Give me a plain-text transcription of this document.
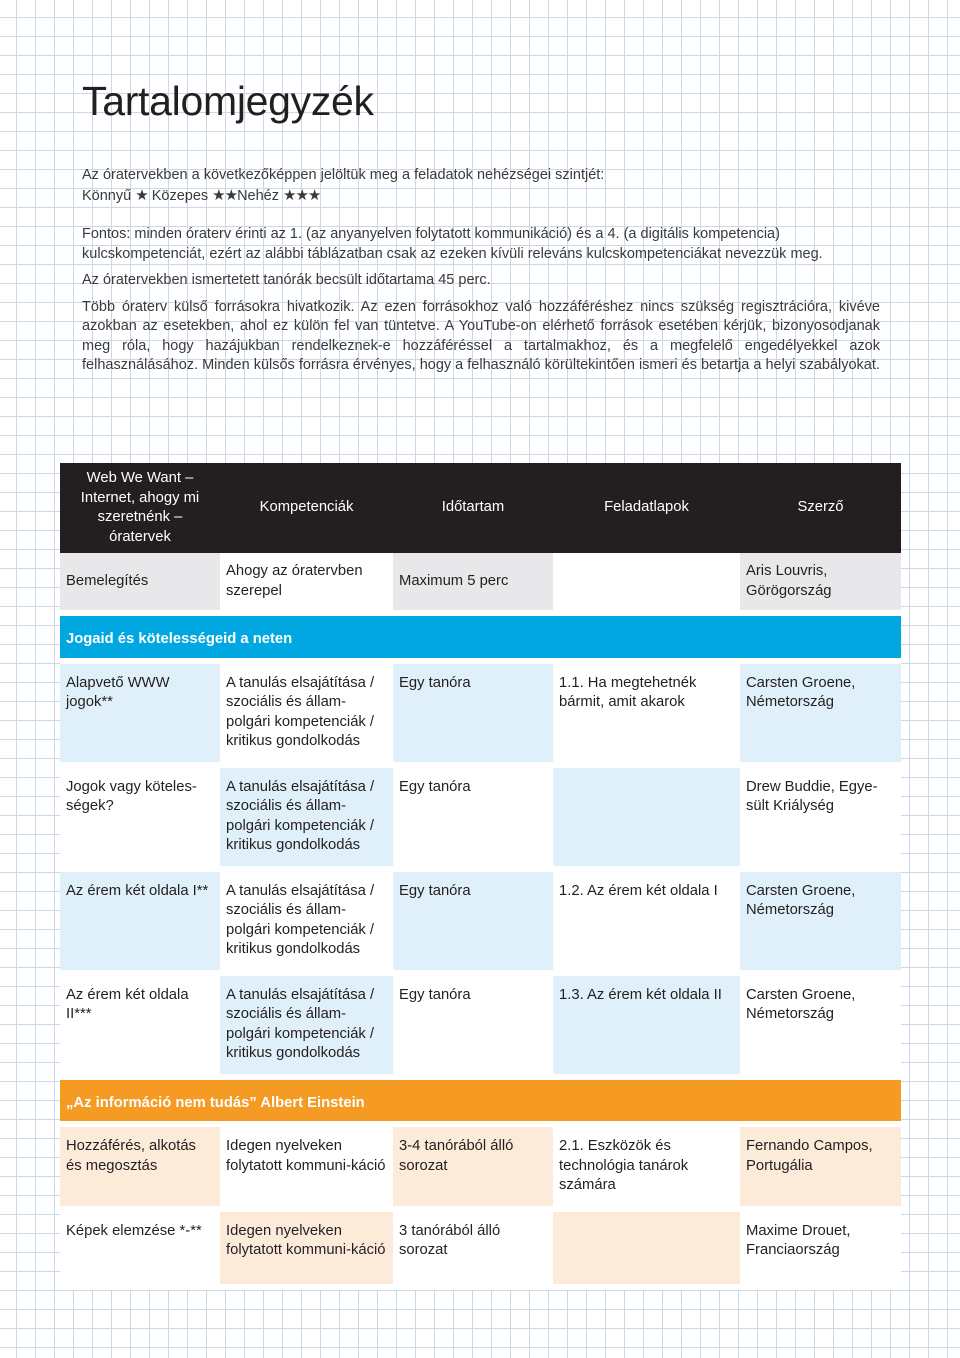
Tartalomjegyzék

Az óratervekben a következőképpen jelöltük meg a feladatok nehézségei szintjét:

Könnyű ★ Közepes ★★Nehéz ★★★

Fontos: minden óraterv érinti az 1. (az anyanyelven folytatott kommunikáció) és a 4. (a digitális kompetencia) kulcskompetenciát, ezért az alábbi táblázatban csak az ezeken kívüli releváns kulcskompetenciákat nevezzük meg.

Az óratervekben ismertetett tanórák becsült időtartama 45 perc.

Több óraterv külső forrásokra hivatkozik. Az ezen forrásokhoz való hozzáféréshez nincs szükség regisztrációra, kivéve azokban az esetekben, ahol ez külön fel van tüntetve. A YouTube-on elérhető források esetében kérjük, bizonyosodjanak meg róla, hogy hazájukban rendelkeznek-e hozzáféréssel a tartalmakhoz, és a megfelelő engedélyekkel azok felhasználásához. Minden külsős forrásra érvényes, hogy a felhasználó körültekintően ismeri és betartja a helyi szabályokat.

Web We Want – Internet, ahogy mi szeretnénk – óratervek	Kompetenciák	Időtartam	Feladatlapok	Szerző
Bemelegítés	Ahogy az óratervben szerepel	Maximum 5 perc		Aris Louvris, Görögország
Jogaid és kötelességeid a neten				
Alapvető WWW jogok**	A tanulás elsajátítása / szociális és állam-polgári kompetenciák / kritikus gondolkodás	Egy tanóra	1.1. Ha megtehetnék bármit, amit akarok	Carsten Groene, Németország
Jogok vagy köteles-ségek?	A tanulás elsajátítása / szociális és állam-polgári kompetenciák / kritikus gondolkodás	Egy tanóra		Drew Buddie, Egye-sült Kriálység
Az érem két oldala I**	A tanulás elsajátítása / szociális és állam-polgári kompetenciák / kritikus gondolkodás	Egy tanóra	1.2. Az érem két oldala I	Carsten Groene, Németország
Az érem két oldala II***	A tanulás elsajátítása / szociális és állam-polgári kompetenciák / kritikus gondolkodás	Egy tanóra	1.3. Az érem két oldala II	Carsten Groene, Németország
„Az információ nem tudás” Albert Einstein				
Hozzáférés, alkotás és megosztás	Idegen nyelveken folytatott kommuni-káció	3-4 tanórából álló sorozat	2.1. Eszközök és technológia tanárok számára	Fernando Campos, Portugália
Képek elemzése *-**	Idegen nyelveken folytatott kommuni-káció	3 tanórából álló sorozat		Maxime Drouet, Franciaország
